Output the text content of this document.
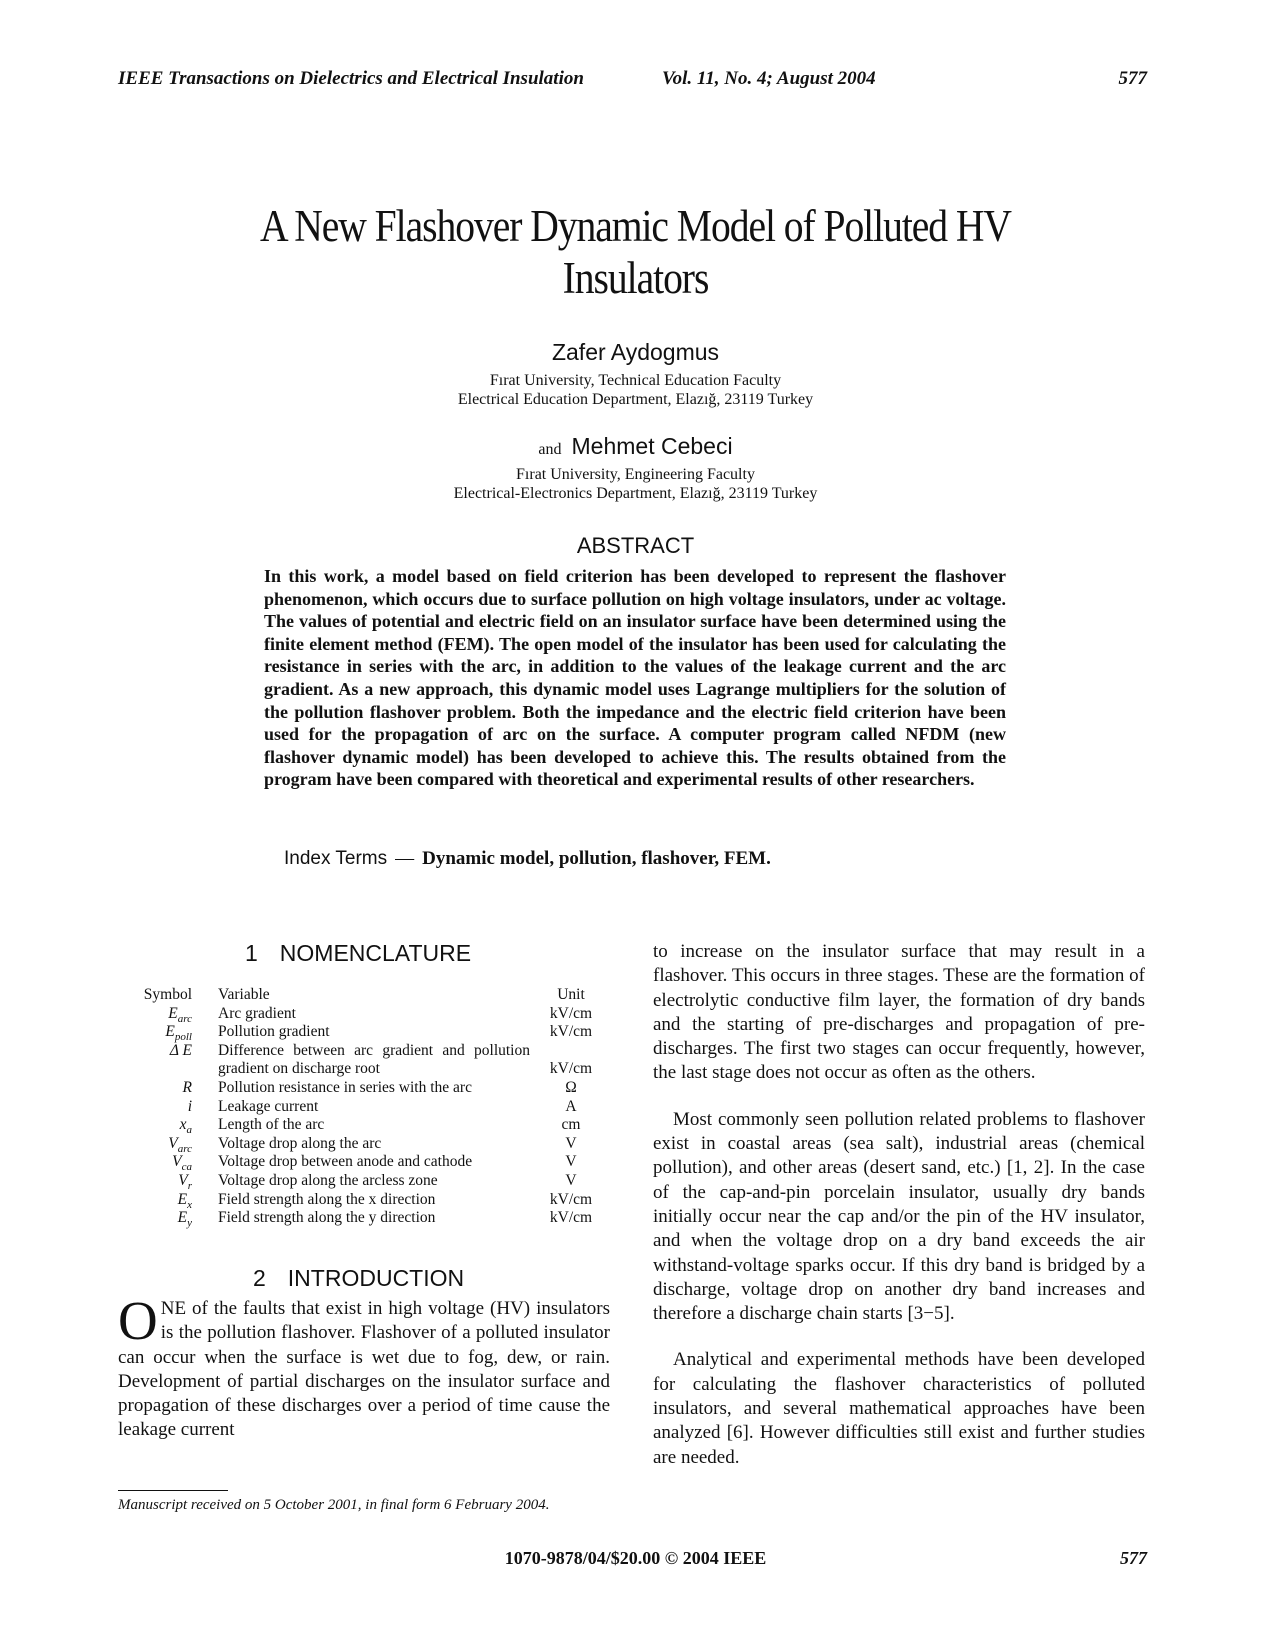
IEEE Transactions on Dielectrics and Electrical Insulation	Vol. 11, No. 4; August 2004	577
A New Flashover Dynamic Model of Polluted HV
Insulators
Zafer Aydogmus
Fırat University, Technical Education Faculty
Electrical Education Department, Elazığ, 23119 Turkey
and Mehmet Cebeci
Fırat University, Engineering Faculty
Electrical-Electronics Department, Elazığ, 23119 Turkey
ABSTRACT
In this work, a model based on field criterion has been developed to represent the flashover phenomenon, which occurs due to surface pollution on high voltage insulators, under ac voltage. The values of potential and electric field on an insulator surface have been determined using the finite element method (FEM). The open model of the insulator has been used for calculating the resistance in series with the arc, in addition to the values of the leakage current and the arc gradient. As a new approach, this dynamic model uses Lagrange multipliers for the solution of the pollution flashover problem. Both the impedance and the electric field criterion have been used for the propagation of arc on the surface. A computer program called NFDM (new flashover dynamic model) has been developed to achieve this. The results obtained from the program have been compared with theoretical and experimental results of other researchers.
Index Terms — Dynamic model, pollution, flashover, FEM.
1 NOMENCLATURE
Symbol Variable	Unit
$E_{arc}$ Arc gradient	kV/cm
$E_{poll}$ Pollution gradient	kV/cm
Δ E Difference between arc gradient and pollution gradient on discharge root	kV/cm
R Pollution resistance in series with the arc	Ω
i Leakage current	A
$x_a$ Length of the arc	cm
$V_{arc}$ Voltage drop along the arc	V
$V_{ca}$ Voltage drop between anode and cathode	V
$V_r$ Voltage drop along the arcless zone	V
$E_x$ Field strength along the x direction	kV/cm
$E_y$ Field strength along the y direction	kV/cm
2 INTRODUCTION
ONE of the faults that exist in high voltage (HV) insulators is the pollution flashover. Flashover of a polluted insulator can occur when the surface is wet due to fog, dew, or rain. Development of partial discharges on the insulator surface and propagation of these discharges over a period of time cause the leakage current
to increase on the insulator surface that may result in a flashover. This occurs in three stages. These are the formation of electrolytic conductive film layer, the formation of dry bands and the starting of pre-discharges and propagation of pre-discharges. The first two stages can occur frequently, however, the last stage does not occur as often as the others.
Most commonly seen pollution related problems to flashover exist in coastal areas (sea salt), industrial areas (chemical pollution), and other areas (desert sand, etc.) [1, 2]. In the case of the cap-and-pin porcelain insulator, usually dry bands initially occur near the cap and/or the pin of the HV insulator, and when the voltage drop on a dry band exceeds the air withstand-voltage sparks occur. If this dry band is bridged by a discharge, voltage drop on another dry band increases and therefore a discharge chain starts [3−5].
Analytical and experimental methods have been developed for calculating the flashover characteristics of polluted insulators, and several mathematical approaches have been analyzed [6]. However difficulties still exist and further studies are needed.
Manuscript received on 5 October 2001, in final form 6 February 2004.
1070-9878/04/$20.00 © 2004 IEEE	577
